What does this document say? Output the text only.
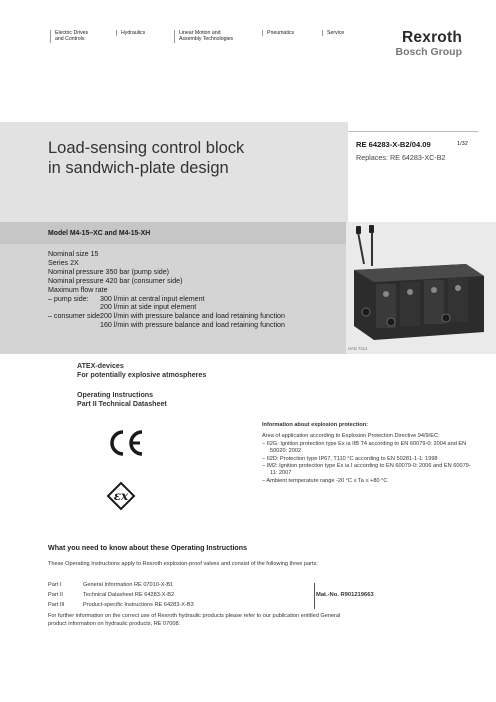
Electric Drives
and Controls
Hydraulics	Linear Motion and
Assembly Technologies
Pneumatics	Service	Rexroth
Bosch Group
Load-sensing control block
in sandwich-plate design
RE 64283-X-B2/04.09	1/32
Replaces: RE 64283-XC-B2
Model M4-15–XC and M4-15-XH
Nominal size 15
Series 2X
Nominal pressure 350 bar (pump side)
Nominal pressure 420 bar (consumer side)
Maximum flow rate
– pump side: 300 l/min at central input element
200 l/min at side input element
– consumer side:200 l/min with pressure balance and load retaining function
160 l/min with pressure balance and load retaining function
HAD 7414
ATEX-devices
For potentially explosive atmospheres
Operating Instructions
Part II Technical Datasheet
εx
Information about explosion protection:
Area of application according to Explosion Protection Directive 94/9/EC:
– II2G: Ignition protection type Ex ia IIB T4 according to EN 60079-0: 2004 and EN 50020: 2002
– II2D: Protection type IP67, T110 °C according to EN 50281-1-1: 1998
– IM2: Ignition protection type Ex ia I according to EN 60079-0: 2006 and EN 60079-11: 2007
– Ambient temperature range -20 °C ≤ Ta ≤ +80 °C
What you need to know about these Operating Instructions
These Operating Instructions apply to Rexroth explosion-proof valves and consist of the following three parts:
Part I	General Information RE 07010-X-B1
Part II	Technical Datasheet RE 64283-X-B2
Part III	Product-specific Instructions RE 64283-X-B3
Mat.-No. R901219663
For further information on the correct use of Rexroth hydraulic products please refer to our publication entitled General product information on hydraulic products, RE 07008.
